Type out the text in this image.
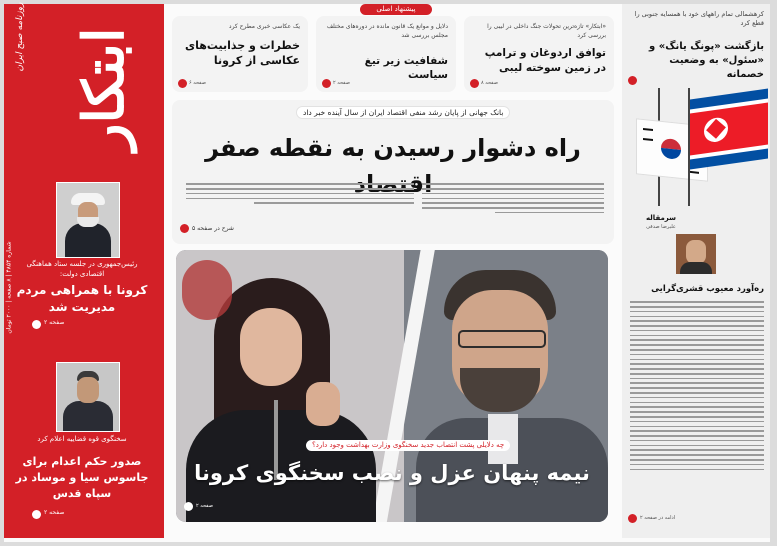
ابتکار
روزنامه صبح ایران
شماره ۴۸۵۴ | ۸ صفحه | ۲۰۰۰ تومان
رئیس‌جمهوری در جلسه ستاد هماهنگی اقتصادی دولت:
کرونا با همراهی مردم مدیریت شد
صفحه ۲
سخنگوی قوه قضاییه اعلام کرد
صدور حکم اعدام برای جاسوس سیا و موساد در سپاه قدس
صفحه ۲
پیشنهاد اصلی
یک عکاسی خبری مطرح کرد
خطرات و جذابیت‌های عکاسی از کرونا
صفحه ۶
دلایل و موانع یک قانون مانده در دوره‌های مختلف مجلس بررسی شد
شفافیت زیر تیغ سیاست
صفحه ۲
«ابتکار» تازه‌ترین تحولات جنگ داخلی در لیبی را بررسی کرد
توافق اردوغان و ترامپ در زمین سوخته لیبی
صفحه ۸
بانک جهانی از پایان رشد منفی اقتصاد ایران از سال آینده خبر داد
راه دشوار رسیدن به نقطه صفر
شرح در صفحه ۵
چه دلایلی پشت انتصاب جدید سخنگوی وزارت بهداشت وجود دارد؟
نیمه پنهان عزل و نصب سخنگوی کرونا
صفحه ۲
کرهشمالی تمام راههای خود با همسایه جنوبی را قطع کرد
بازگشت «پونگ یانگ» و «سئول» به وضعیت خصمانه
سرمقاله
علیرضا صدقی
ره‌آورد معیوب قشری‌گرایی
ادامه در صفحه ۲
